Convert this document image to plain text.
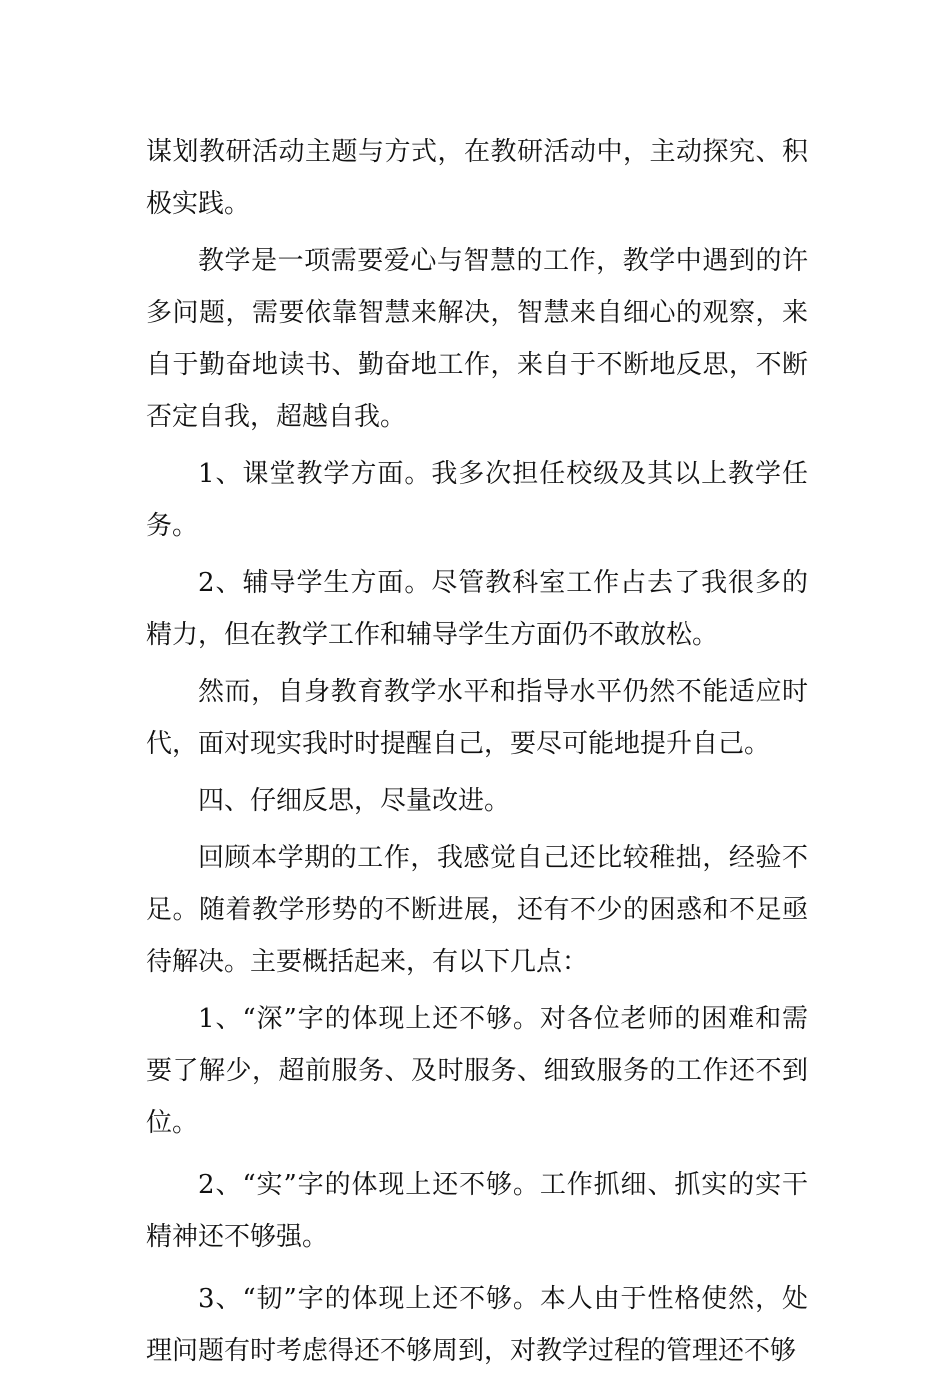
谋划教研活动主题与方式，在教研活动中，主动探究、积极实践。

教学是一项需要爱心与智慧的工作，教学中遇到的许多问题，需要依靠智慧来解决，智慧来自细心的观察，来自于勤奋地读书、勤奋地工作，来自于不断地反思，不断否定自我，超越自我。

1、课堂教学方面。我多次担任校级及其以上教学任务。

2、辅导学生方面。尽管教科室工作占去了我很多的精力，但在教学工作和辅导学生方面仍不敢放松。

然而，自身教育教学水平和指导水平仍然不能适应时代，面对现实我时时提醒自己，要尽可能地提升自己。

四、仔细反思，尽量改进。

回顾本学期的工作，我感觉自己还比较稚拙，经验不足。随着教学形势的不断进展，还有不少的困惑和不足亟待解决。主要概括起来，有以下几点：

1、“深”字的体现上还不够。对各位老师的困难和需要了解少，超前服务、及时服务、细致服务的工作还不到位。

2、“实”字的体现上还不够。工作抓细、抓实的实干精神还不够强。

3、“韧”字的体现上还不够。本人由于性格使然，处理问题有时考虑得还不够周到，对教学过程的管理还不够
